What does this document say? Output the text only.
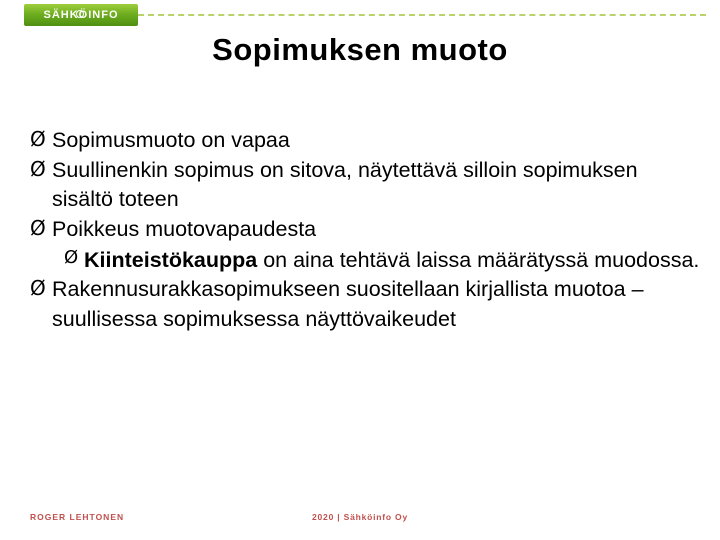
SÄHKÖINFO
Sopimuksen muoto
Ø Sopimusmuoto on vapaa
Ø Suullinenkin sopimus on sitova, näytettävä silloin sopimuksen sisältö toteen
Ø Poikkeus muotovapaudesta
Ø Kiinteistökauppa on aina tehtävä laissa määrätyssä muodossa.
Ø Rakennusurakkasopimukseen suositellaan kirjallista muotoa – suullisessa sopimuksessa näyttövaikeudet
ROGER LEHTONEN	2020 | Sähköinfo Oy
